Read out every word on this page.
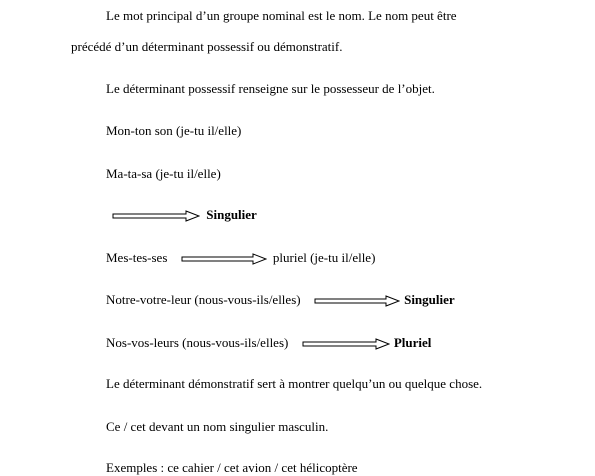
Le mot principal d’un groupe nominal est le nom. Le nom peut être
précédé d’un déterminant possessif ou démonstratif.
Le déterminant possessif renseigne sur le possesseur de l’objet.
Mon-ton son (je-tu il/elle)
Ma-ta-sa (je-tu il/elle)
Singulier
Mes-tes-ses	pluriel (je-tu il/elle)
Notre-votre-leur (nous-vous-ils/elles)	Singulier
Nos-vos-leurs (nous-vous-ils/elles)	Pluriel
Le déterminant démonstratif sert à montrer quelqu’un ou quelque chose.
Ce / cet devant un nom singulier masculin.
Exemples : ce cahier / cet avion / cet hélicoptère
